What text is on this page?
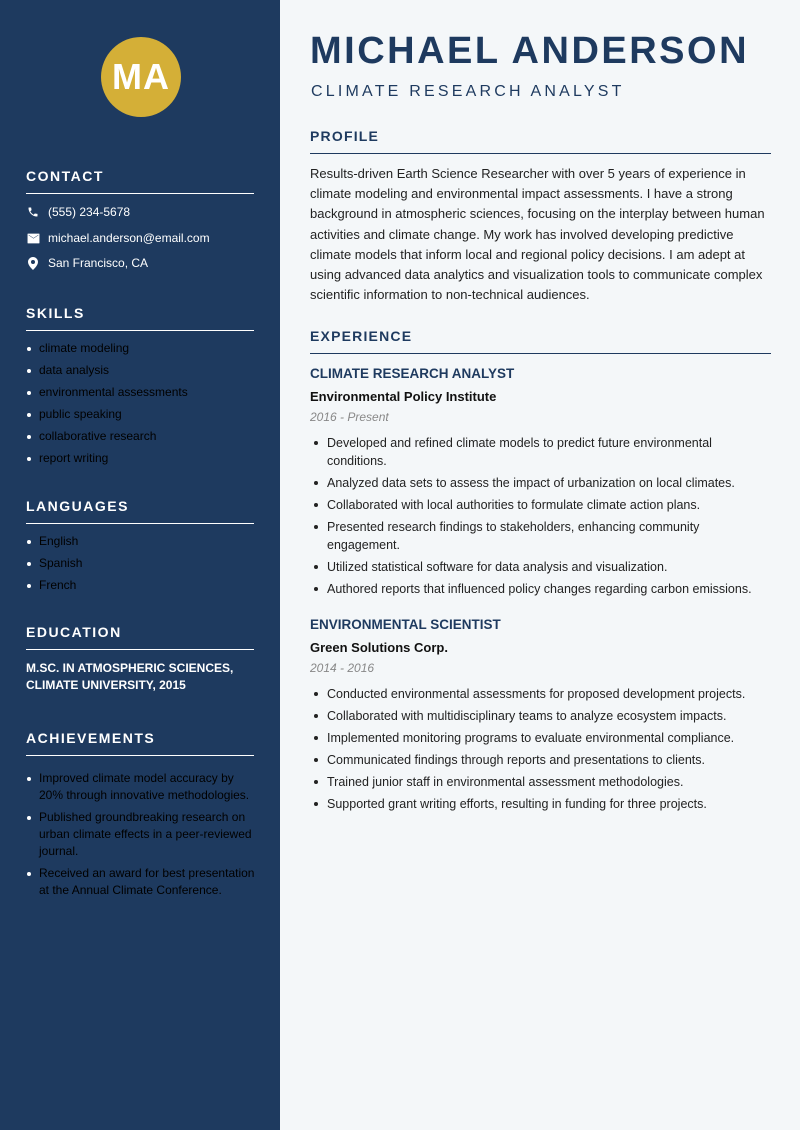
MA
CONTACT
(555) 234-5678
michael.anderson@email.com
San Francisco, CA
SKILLS
climate modeling
data analysis
environmental assessments
public speaking
collaborative research
report writing
LANGUAGES
English
Spanish
French
EDUCATION
M.SC. IN ATMOSPHERIC SCIENCES, CLIMATE UNIVERSITY, 2015
ACHIEVEMENTS
Improved climate model accuracy by 20% through innovative methodologies.
Published groundbreaking research on urban climate effects in a peer-reviewed journal.
Received an award for best presentation at the Annual Climate Conference.
MICHAEL ANDERSON
CLIMATE RESEARCH ANALYST
PROFILE
Results-driven Earth Science Researcher with over 5 years of experience in climate modeling and environmental impact assessments. I have a strong background in atmospheric sciences, focusing on the interplay between human activities and climate change. My work has involved developing predictive climate models that inform local and regional policy decisions. I am adept at using advanced data analytics and visualization tools to communicate complex scientific information to non-technical audiences.
EXPERIENCE
CLIMATE RESEARCH ANALYST
Environmental Policy Institute
2016 - Present
Developed and refined climate models to predict future environmental conditions.
Analyzed data sets to assess the impact of urbanization on local climates.
Collaborated with local authorities to formulate climate action plans.
Presented research findings to stakeholders, enhancing community engagement.
Utilized statistical software for data analysis and visualization.
Authored reports that influenced policy changes regarding carbon emissions.
ENVIRONMENTAL SCIENTIST
Green Solutions Corp.
2014 - 2016
Conducted environmental assessments for proposed development projects.
Collaborated with multidisciplinary teams to analyze ecosystem impacts.
Implemented monitoring programs to evaluate environmental compliance.
Communicated findings through reports and presentations to clients.
Trained junior staff in environmental assessment methodologies.
Supported grant writing efforts, resulting in funding for three projects.
